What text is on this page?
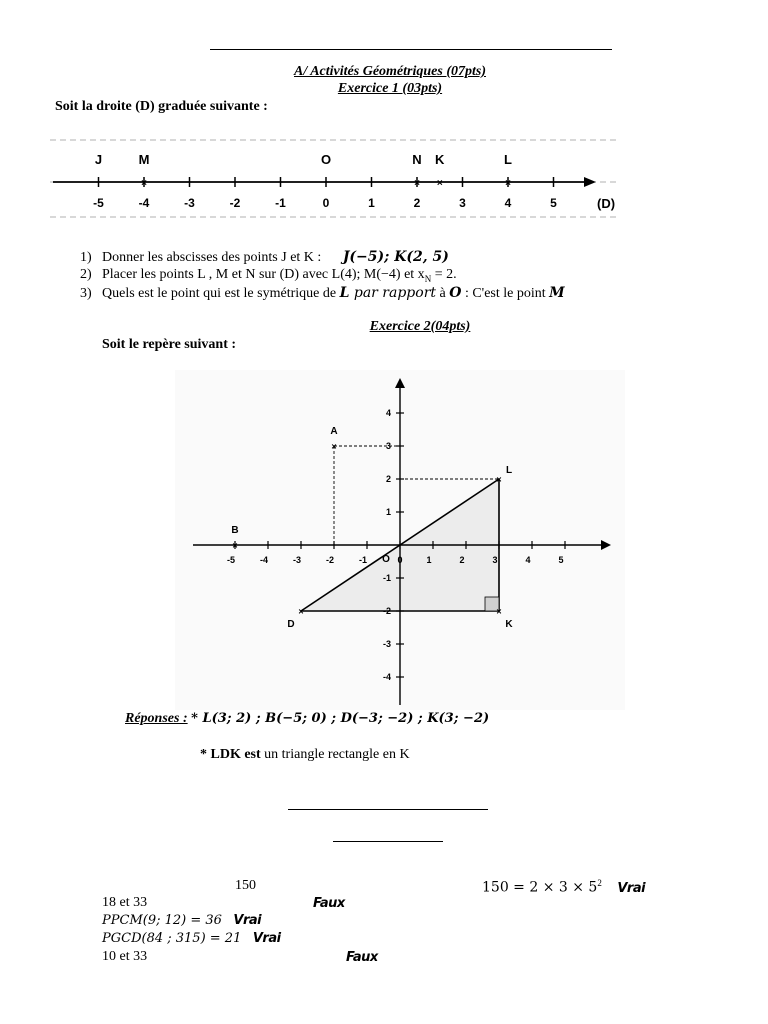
A/ Activités Géométriques (07pts)
Exercice 1 (03pts)
Soit la droite (D) graduée suivante :
-5	-4	-3	-2	-1	0	1	2	3	4	5
J
×
M	O
×
N
×
K
×
L
(D)
1) Donner les abscisses des points J et K : J(−5); K(2, 5)
2) Placer les points L , M et N sur (D) avec L(4); M(−4) et $x_N = 2$.
3) Quels est le point qui est le symétrique de L par rapport à O : C'est le point M
Exercice 2(04pts)
Soit le repère suivant :
-5	-4	-3	-2	-1	0	1	2	3	4	5
-4
-3
-2
-1
1
2
3
4
O
×
A
×
B
×
D
×
K
×
L
Réponses : * L(3; 2) ; B(−5; 0) ; D(−3; −2) ; K(3; −2)
* LDK est un triangle rectangle en K
150	$150 = 2 \times 3 \times 5^2$ Vrai
18 et 33	Faux
PPCM(9; 12) = 36 Vrai
PGCD(84 ; 315) = 21 Vrai
10 et 33	Faux
